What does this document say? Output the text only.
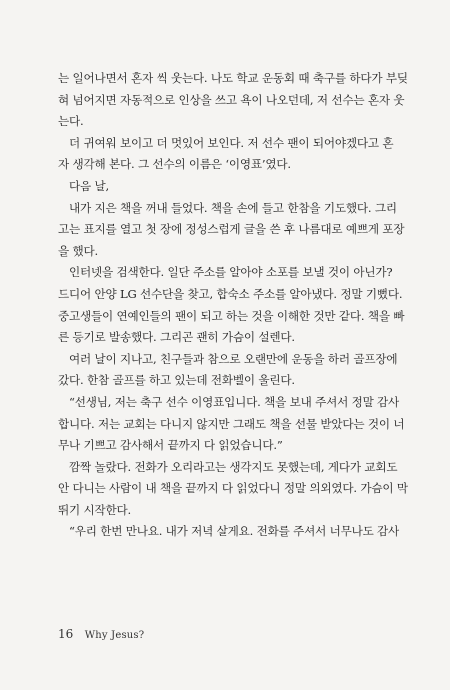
는 일어나면서 혼자 씩 웃는다. 나도 학교 운동회 때 축구를 하다가 부딪
혀 넘어지면 자동적으로 인상을 쓰고 욕이 나오던데, 저 선수는 혼자 웃
는다.
더 귀여워 보이고 더 멋있어 보인다. 저 선수 팬이 되어야겠다고 혼
자 생각해 본다. 그 선수의 이름은 ‘이영표’였다.
다음 날,
내가 지은 책을 꺼내 들었다. 책을 손에 들고 한참을 기도했다. 그리
고는 표지를 열고 첫 장에 정성스럽게 글을 쓴 후 나름대로 예쁘게 포장
을 했다.
인터넷을 검색한다. 일단 주소를 알아야 소포를 보낼 것이 아닌가?
드디어 안양 LG 선수단을 찾고, 합숙소 주소를 알아냈다. 정말 기뻤다.
중고생들이 연예인들의 팬이 되고 하는 것을 이해한 것만 같다. 책을 빠
른 등기로 발송했다. 그리곤 괜히 가슴이 설렌다.
여러 날이 지나고, 친구들과 참으로 오랜만에 운동을 하러 골프장에
갔다. 한참 골프를 하고 있는데 전화벨이 울린다.
“선생님, 저는 축구 선수 이영표입니다. 책을 보내 주셔서 정말 감사
합니다. 저는 교회는 다니지 않지만 그래도 책을 선물 받았다는 것이 너
무나 기쁘고 감사해서 끝까지 다 읽었습니다.”
깜짝 놀랐다. 전화가 오리라고는 생각지도 못했는데, 게다가 교회도
안 다니는 사람이 내 책을 끝까지 다 읽었다니 정말 의외였다. 가슴이 막
뛰기 시작한다.
“우리 한번 만나요. 내가 저녁 살게요. 전화를 주셔서 너무나도 감사
16 Why Jesus?
